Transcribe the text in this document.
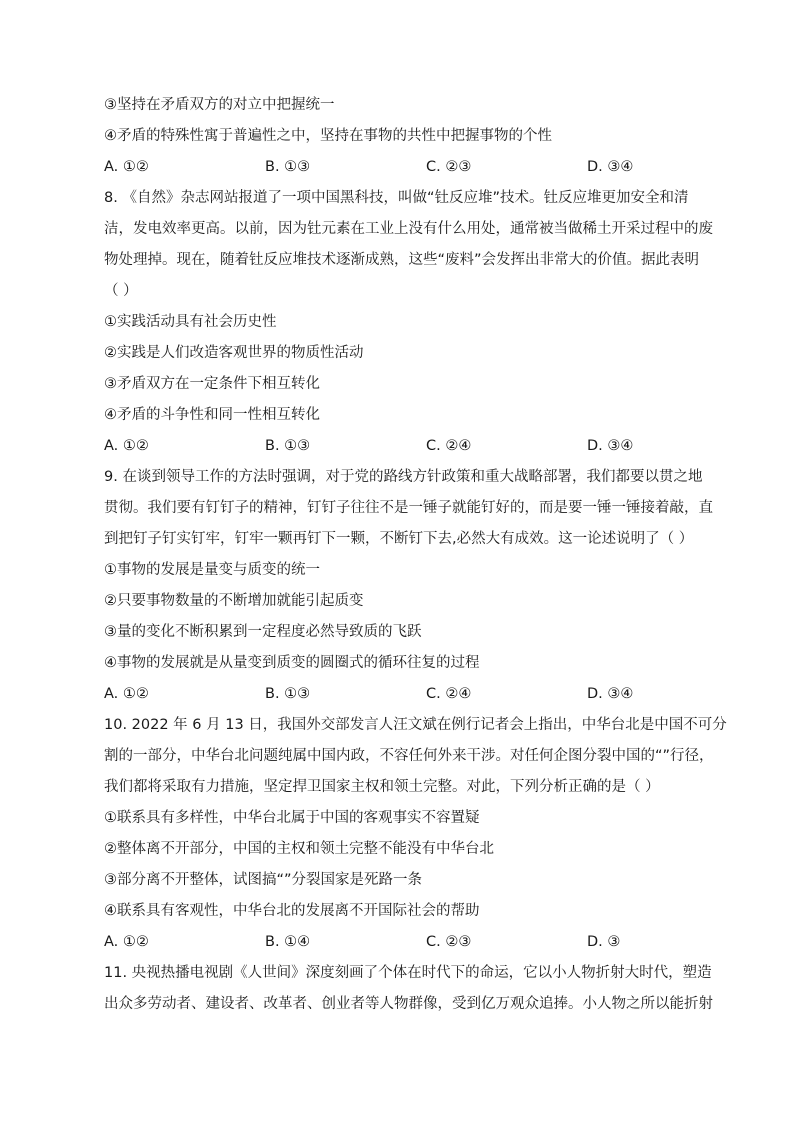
③坚持在矛盾双方的对立中把握统一
④矛盾的特殊性寓于普遍性之中，坚持在事物的共性中把握事物的个性
A. ①②	B. ①③	C. ②③	D. ③④
8. 《自然》杂志网站报道了一项中国黑科技，叫做“钍反应堆”技术。钍反应堆更加安全和清
洁，发电效率更高。以前，因为钍元素在工业上没有什么用处，通常被当做稀土开采过程中的废
物处理掉。现在，随着钍反应堆技术逐渐成熟，这些“废料”会发挥出非常大的价值。据此表明
（ ）
①实践活动具有社会历史性
②实践是人们改造客观世界的物质性活动
③矛盾双方在一定条件下相互转化
④矛盾的斗争性和同一性相互转化
A. ①②	B. ①③	C. ②④	D. ③④
9. 在谈到领导工作的方法时强调，对于党的路线方针政策和重大战略部署，我们都要以贯之地
贯彻。我们要有钉钉子的精神，钉钉子往往不是一锤子就能钉好的，而是要一锤一锤接着敲，直
到把钉子钉实钉牢，钉牢一颗再钉下一颗，不断钉下去,必然大有成效。这一论述说明了（ ）
①事物的发展是量变与质变的统一
②只要事物数量的不断增加就能引起质变
③量的变化不断积累到一定程度必然导致质的飞跃
④事物的发展就是从量变到质变的圆圈式的循环往复的过程
A. ①②	B. ①③	C. ②④	D. ③④
10. 2022 年 6 月 13 日，我国外交部发言人汪文斌在例行记者会上指出，中华台北是中国不可分
割的一部分，中华台北问题纯属中国内政，不容任何外来干涉。对任何企图分裂中国的“”行径，
我们都将采取有力措施，坚定捍卫国家主权和领土完整。对此，下列分析正确的是（ ）
①联系具有多样性，中华台北属于中国的客观事实不容置疑
②整体离不开部分，中国的主权和领土完整不能没有中华台北
③部分离不开整体，试图搞“”分裂国家是死路一条
④联系具有客观性，中华台北的发展离不开国际社会的帮助
A. ①②	B. ①④	C. ②③	D. ③
11. 央视热播电视剧《人世间》深度刻画了个体在时代下的命运，它以小人物折射大时代，塑造
出众多劳动者、建设者、改革者、创业者等人物群像，受到亿万观众追捧。小人物之所以能折射
